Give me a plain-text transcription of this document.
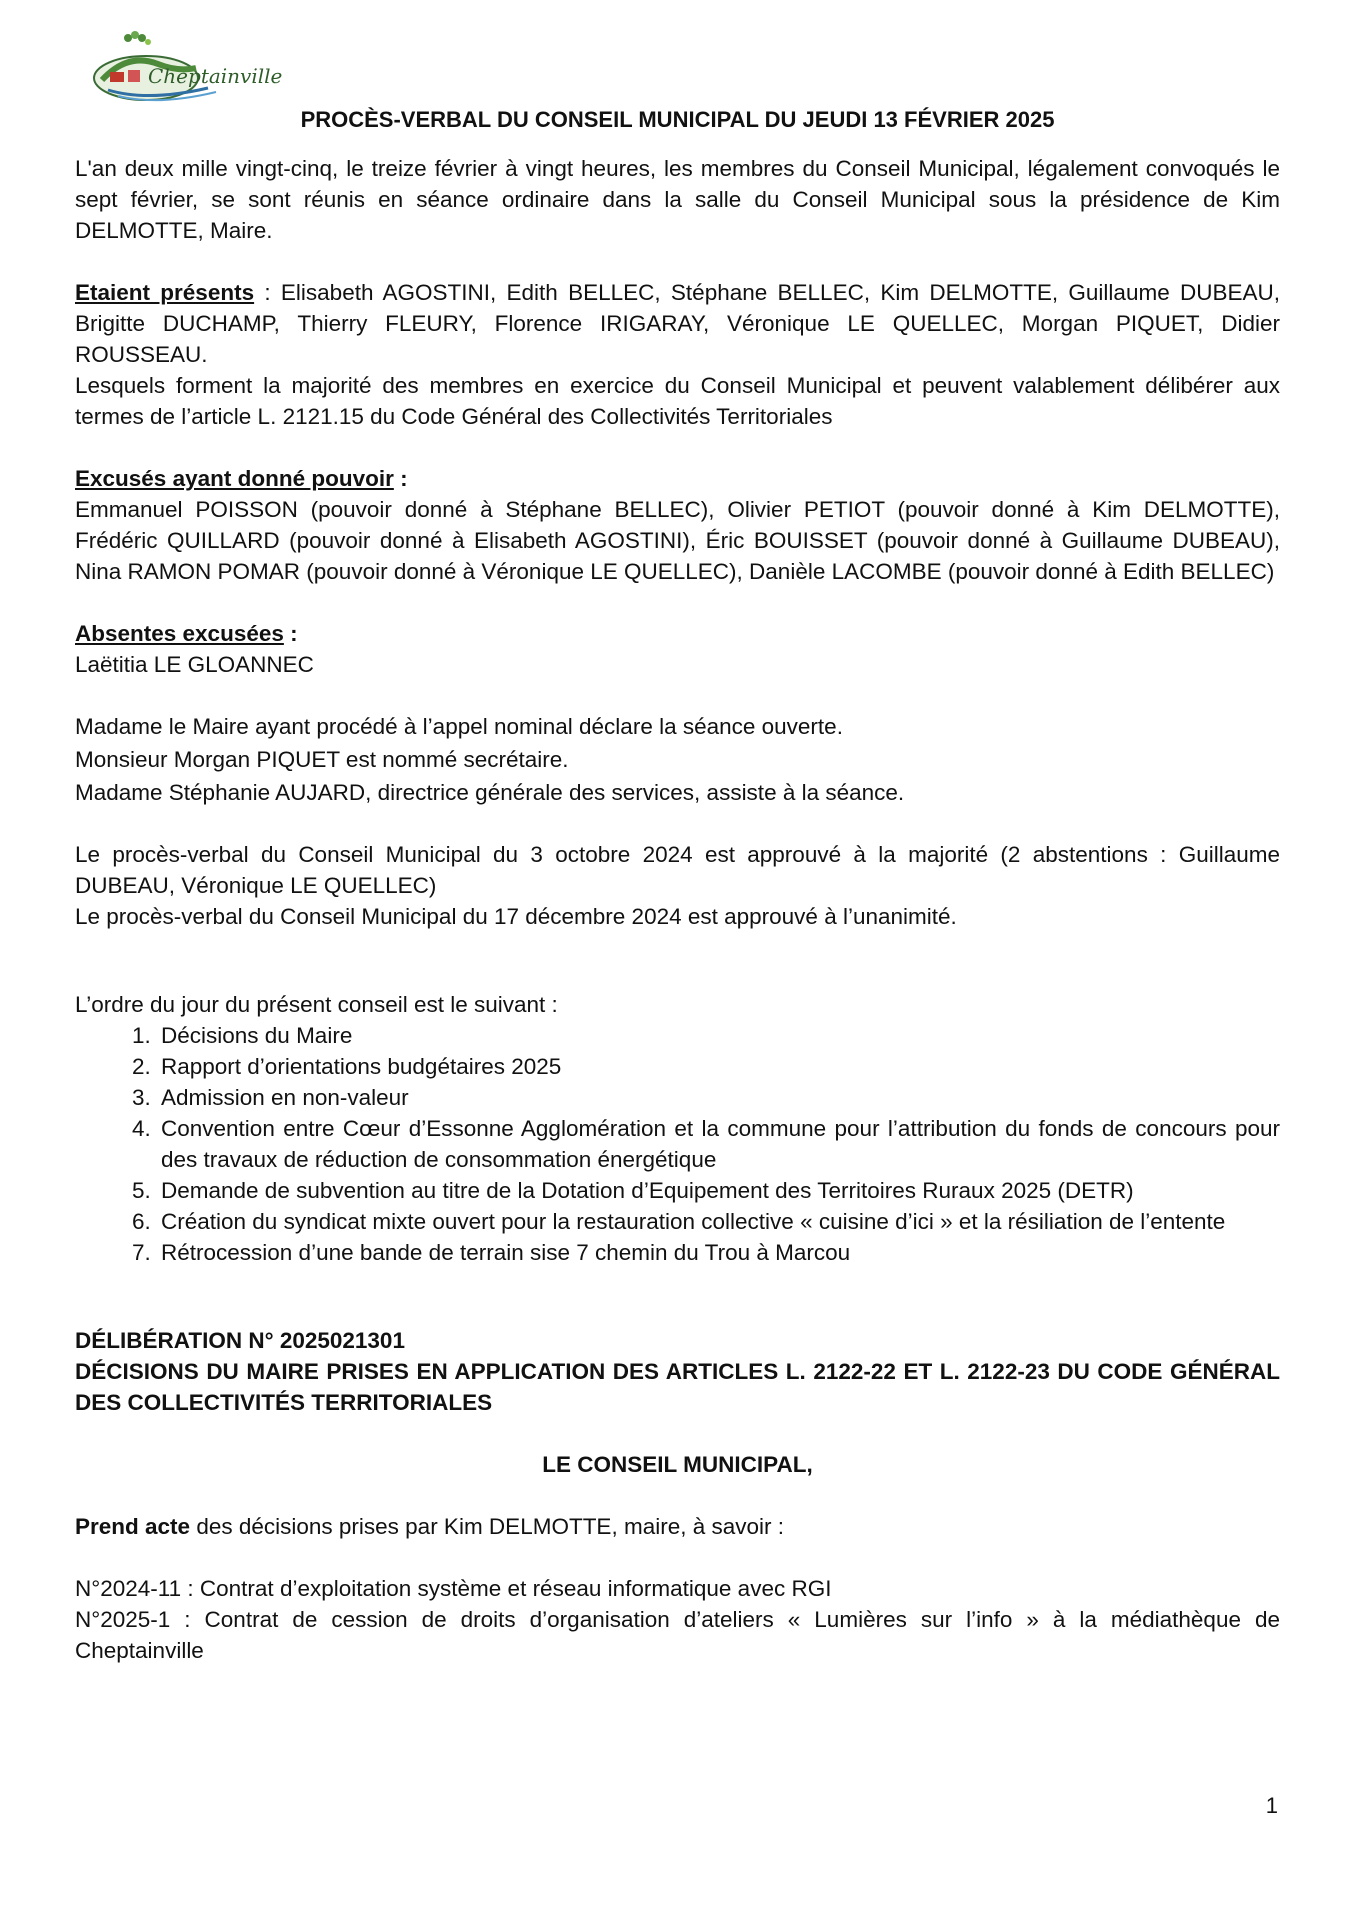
Cheptainville

PROCÈS-VERBAL DU CONSEIL MUNICIPAL DU JEUDI 13 FÉVRIER 2025

L'an deux mille vingt-cinq, le treize février à vingt heures, les membres du Conseil Municipal, légalement convoqués le sept février, se sont réunis en séance ordinaire dans la salle du Conseil Municipal sous la présidence de Kim DELMOTTE, Maire.

Etaient présents : Elisabeth AGOSTINI, Edith BELLEC, Stéphane BELLEC, Kim DELMOTTE, Guillaume DUBEAU, Brigitte DUCHAMP, Thierry FLEURY, Florence IRIGARAY, Véronique LE QUELLEC, Morgan PIQUET, Didier ROUSSEAU.

Lesquels forment la majorité des membres en exercice du Conseil Municipal et peuvent valablement délibérer aux termes de l’article L. 2121.15 du Code Général des Collectivités Territoriales

Excusés ayant donné pouvoir :

Emmanuel POISSON (pouvoir donné à Stéphane BELLEC), Olivier PETIOT (pouvoir donné à Kim DELMOTTE), Frédéric QUILLARD (pouvoir donné à Elisabeth AGOSTINI), Éric BOUISSET (pouvoir donné à Guillaume DUBEAU), Nina RAMON POMAR (pouvoir donné à Véronique LE QUELLEC), Danièle LACOMBE (pouvoir donné à Edith BELLEC)

Absentes excusées :

Laëtitia LE GLOANNEC

Madame le Maire ayant procédé à l’appel nominal déclare la séance ouverte.

Monsieur Morgan PIQUET est nommé secrétaire.

Madame Stéphanie AUJARD, directrice générale des services, assiste à la séance.

Le procès-verbal du Conseil Municipal du 3 octobre 2024 est approuvé à la majorité (2 abstentions : Guillaume DUBEAU, Véronique LE QUELLEC)

Le procès-verbal du Conseil Municipal du 17 décembre 2024 est approuvé à l’unanimité.

L’ordre du jour du présent conseil est le suivant :

1. Décisions du Maire
2. Rapport d’orientations budgétaires 2025
3. Admission en non-valeur
4. Convention entre Cœur d’Essonne Agglomération et la commune pour l’attribution du fonds de concours pour des travaux de réduction de consommation énergétique
5. Demande de subvention au titre de la Dotation d’Equipement des Territoires Ruraux 2025 (DETR)
6. Création du syndicat mixte ouvert pour la restauration collective « cuisine d’ici » et la résiliation de l’entente
7. Rétrocession d’une bande de terrain sise 7 chemin du Trou à Marcou

DÉLIBÉRATION N° 2025021301

DÉCISIONS DU MAIRE PRISES EN APPLICATION DES ARTICLES L. 2122-22 ET L. 2122-23 DU CODE GÉNÉRAL DES COLLECTIVITÉS TERRITORIALES

LE CONSEIL MUNICIPAL,

Prend acte des décisions prises par Kim DELMOTTE, maire, à savoir :

N°2024-11 : Contrat d’exploitation système et réseau informatique avec RGI

N°2025-1 : Contrat de cession de droits d’organisation d’ateliers « Lumières sur l’info » à la médiathèque de Cheptainville

1
